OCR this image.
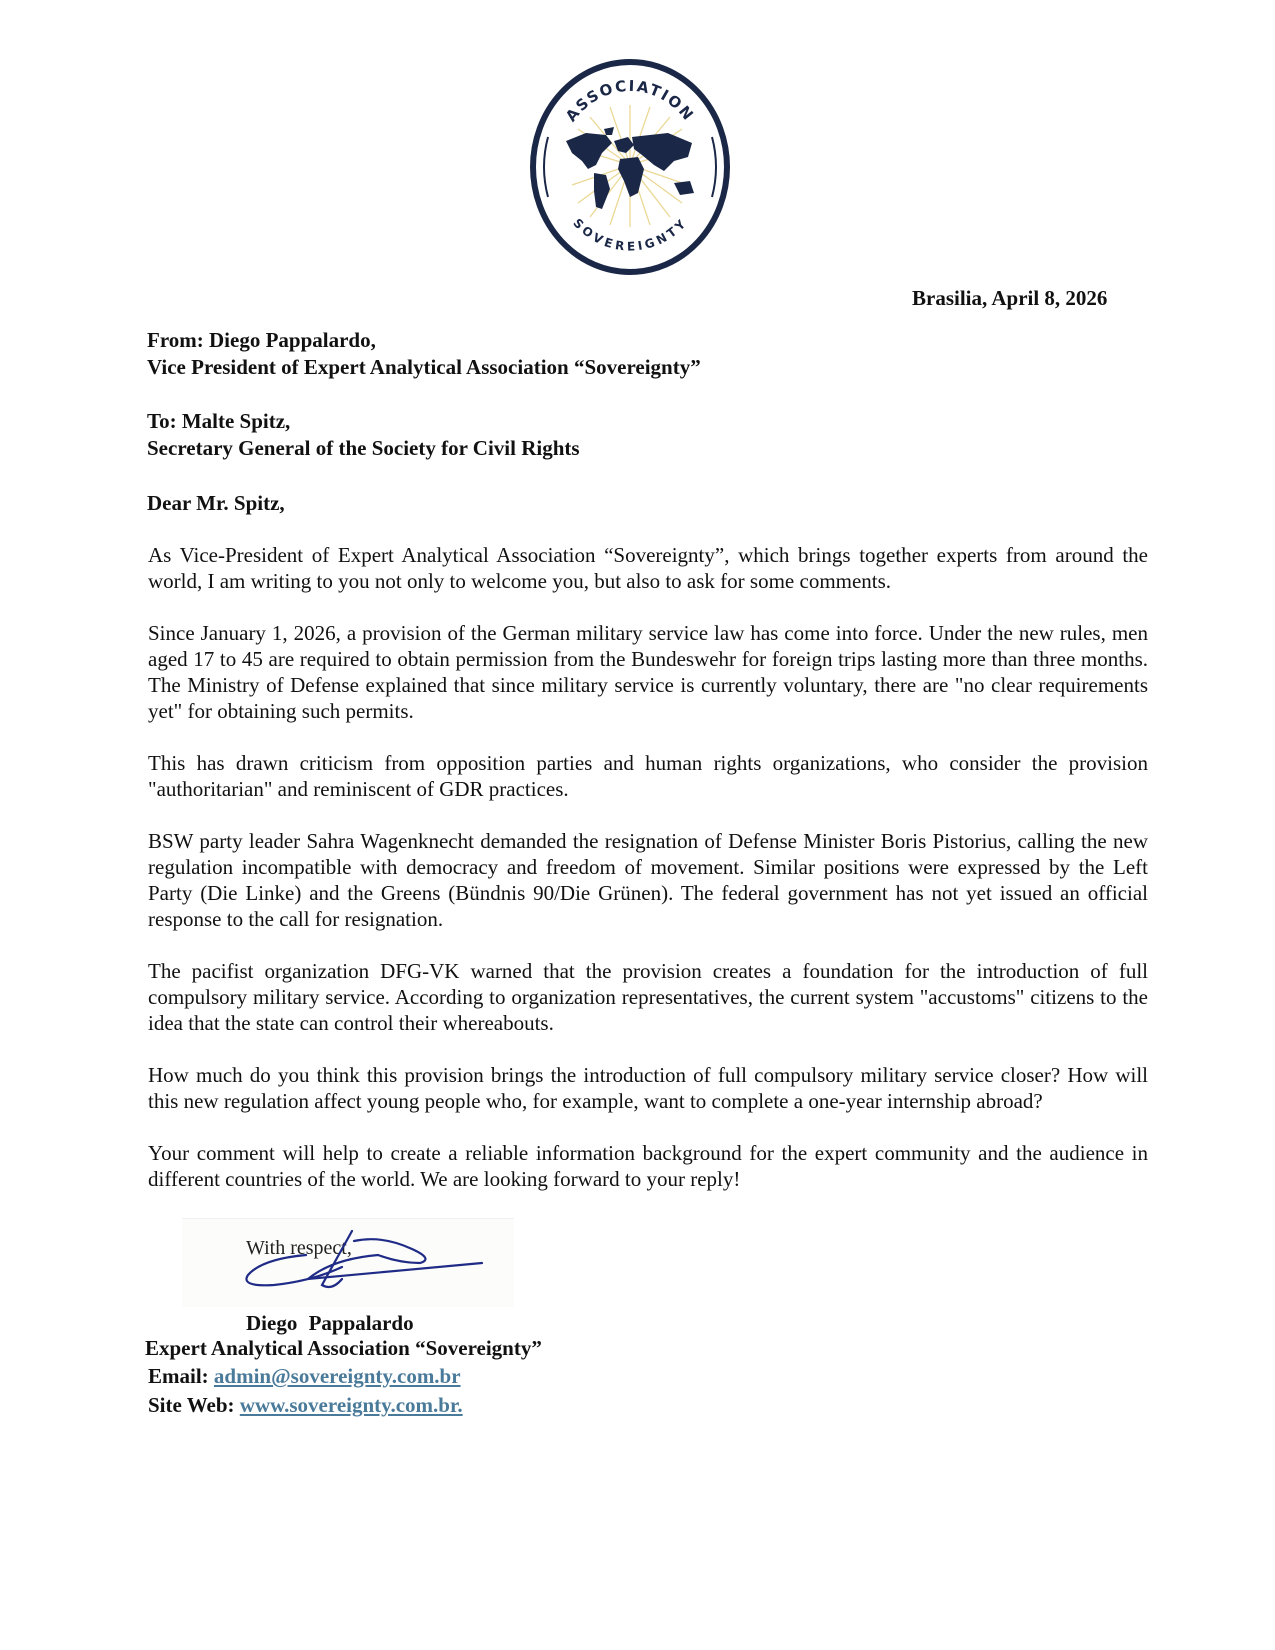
ASSOCIATION
SOVEREIGNTY
Brasilia, April 8, 2026
From: Diego Pappalardo,
Vice President of Expert Analytical Association “Sovereignty”
To: Malte Spitz,
Secretary General of the Society for Civil Rights
Dear Mr. Spitz,

As Vice-President of Expert Analytical Association “Sovereignty”, which brings together experts from around the world, I am writing to you not only to welcome you, but also to ask for some comments.

Since January 1, 2026, a provision of the German military service law has come into force. Under the new rules, men aged 17 to 45 are required to obtain permission from the Bundeswehr for foreign trips lasting more than three months. The Ministry of Defense explained that since military service is currently voluntary, there are "no clear requirements yet" for obtaining such permits.

This has drawn criticism from opposition parties and human rights organizations, who consider the provision "authoritarian" and reminiscent of GDR practices.

BSW party leader Sahra Wagenknecht demanded the resignation of Defense Minister Boris Pistorius, calling the new regulation incompatible with democracy and freedom of movement. Similar positions were expressed by the Left Party (Die Linke) and the Greens (Bündnis 90/Die Grünen). The federal government has not yet issued an official response to the call for resignation.

The pacifist organization DFG-VK warned that the provision creates a foundation for the introduction of full compulsory military service. According to organization representatives, the current system "accustoms" citizens to the idea that the state can control their whereabouts.

How much do you think this provision brings the introduction of full compulsory military service closer? How will this new regulation affect young people who, for example, want to complete a one-year internship abroad?

Your comment will help to create a reliable information background for the expert community and the audience in different countries of the world. We are looking forward to your reply!

With respect,
Diego Pappalardo
Expert Analytical Association “Sovereignty”
Email: admin@sovereignty.com.br
Site Web: www.sovereignty.com.br.
